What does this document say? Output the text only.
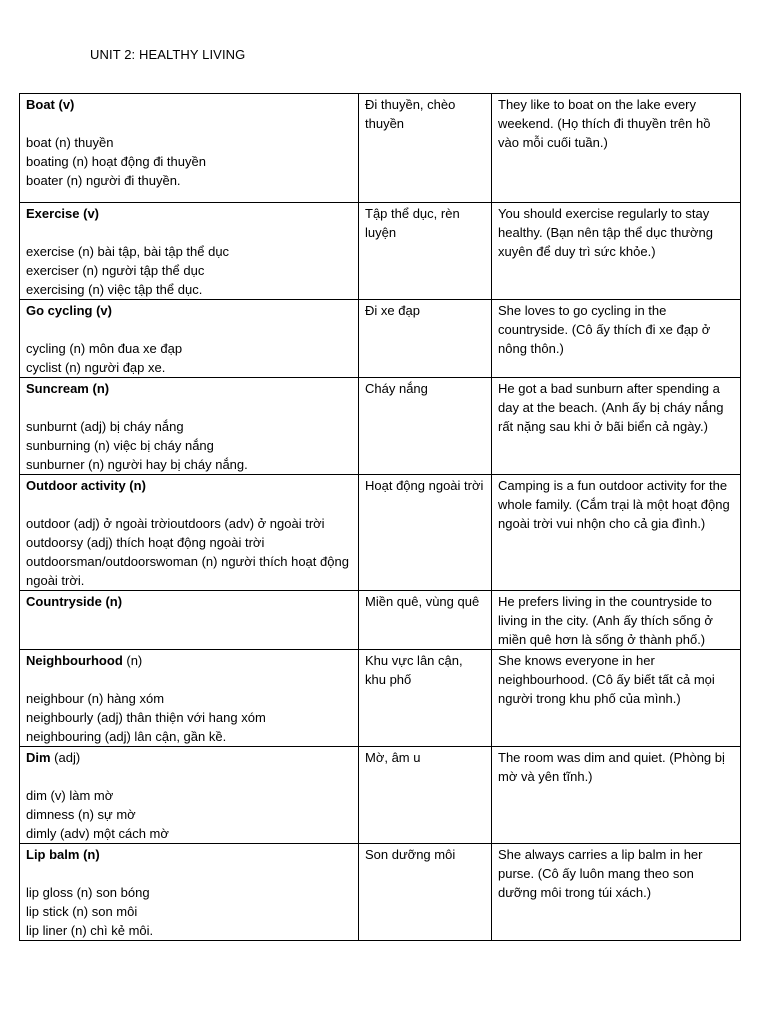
UNIT 2: HEALTHY LIVING
Boat (v)
boat (n) thuyền
boating (n) hoạt động đi thuyền
boater (n) người đi thuyền.	Đi thuyền, chèo thuyền	They like to boat on the lake every weekend. (Họ thích đi thuyền trên hồ vào mỗi cuối tuần.)

Exercise (v)
exercise (n) bài tập, bài tập thể dục
exerciser (n) người tập thể dục
exercising (n) việc tập thể dục.	Tập thể dục, rèn luyện	You should exercise regularly to stay healthy. (Bạn nên tập thể dục thường xuyên để duy trì sức khỏe.)

Go cycling (v)
cycling (n) môn đua xe đạp
cyclist (n) người đạp xe.	Đi xe đạp	She loves to go cycling in the countryside. (Cô ấy thích đi xe đạp ở nông thôn.)

Suncream (n)
sunburnt (adj) bị cháy nắng
sunburning (n) việc bị cháy nắng
sunburner (n) người hay bị cháy nắng.	Cháy nắng	He got a bad sunburn after spending a day at the beach. (Anh ấy bị cháy nắng rất nặng sau khi ở bãi biển cả ngày.)

Outdoor activity (n)
outdoor (adj) ở ngoài trờioutdoors (adv) ở ngoài trời
outdoorsy (adj) thích hoạt động ngoài trời
outdoorsman/outdoorswoman (n) người thích hoạt động ngoài trời.	Hoạt động ngoài trời	Camping is a fun outdoor activity for the whole family. (Cắm trại là một hoạt động ngoài trời vui nhộn cho cả gia đình.)

Countryside (n)	Miền quê, vùng quê	He prefers living in the countryside to living in the city. (Anh ấy thích sống ở miền quê hơn là sống ở thành phố.)

Neighbourhood (n)
neighbour (n) hàng xóm
neighbourly (adj) thân thiện với hang xóm
neighbouring (adj) lân cận, gần kề.	Khu vực lân cận, khu phố	She knows everyone in her neighbourhood. (Cô ấy biết tất cả mọi người trong khu phố của mình.)

Dim (adj)
dim (v) làm mờ
dimness (n) sự mờ
dimly (adv) một cách mờ	Mờ, âm u	The room was dim and quiet. (Phòng bị mờ và yên tĩnh.)

Lip balm (n)
lip gloss (n) son bóng
lip stick (n) son môi
lip liner (n) chì kẻ môi.	Son dưỡng môi	She always carries a lip balm in her purse. (Cô ấy luôn mang theo son dưỡng môi trong túi xách.)
